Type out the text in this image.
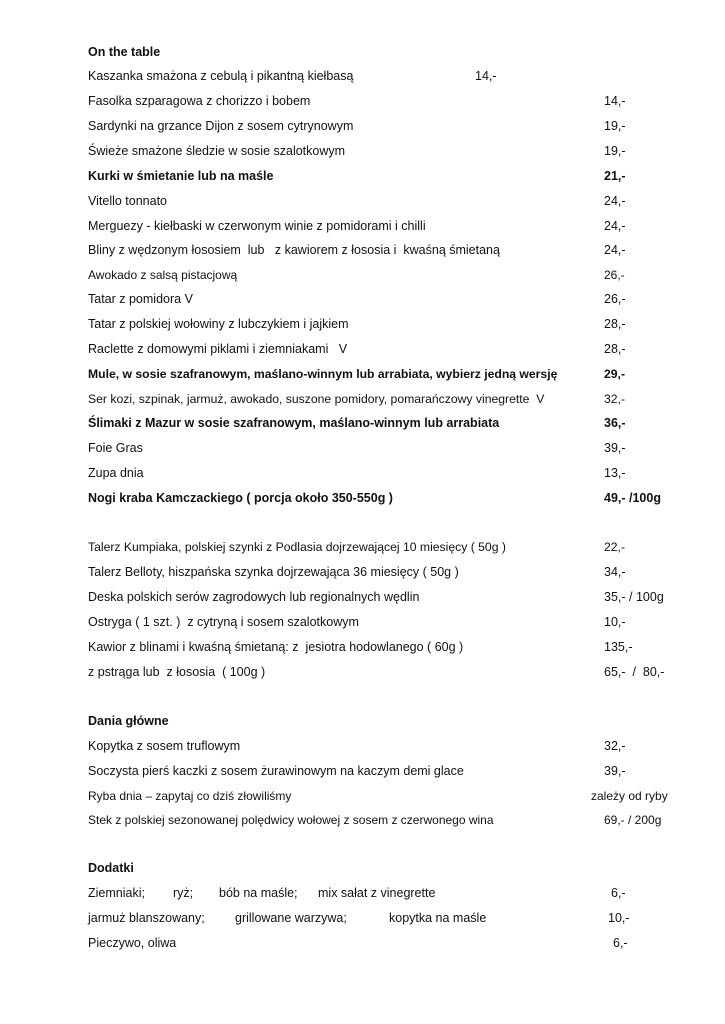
On the table
Kaszanka smażona z cebulą i pikantną kiełbasą	14,-
Fasolka szparagowa z chorizzo i bobem	14,-
Sardynki na grzance Dijon z sosem cytrynowym	19,-
Świeże smażone śledzie w sosie szalotkowym	19,-
Kurki w śmietanie lub na maśle	21,-
Vitello tonnato	24,-
Merguezy - kiełbaski w czerwonym winie z pomidorami i chilli	24,-
Bliny z wędzonym łososiem  lub   z kawiorem z łososia i  kwaśną śmietaną	24,-
Awokado z salsą pistacjową	26,-
Tatar z pomidora V	26,-
Tatar z polskiej wołowiny z lubczykiem i jajkiem	28,-
Raclette z domowymi piklami i ziemniakami   V	28,-
Mule, w sosie szafranowym, maślano-winnym lub arrabiata, wybierz jedną wersję	29,-
Ser kozi, szpinak, jarmuż, awokado, suszone pomidory, pomarańczowy vinegrette  V	32,-
Ślimaki z Mazur w sosie szafranowym, maślano-winnym lub arrabiata	36,-
Foie Gras	39,-
Zupa dnia	13,-
Nogi kraba Kamczackiego ( porcja około 350-550g )	49,- /100g
Talerz Kumpiaka, polskiej szynki z Podlasia dojrzewającej 10 miesięcy ( 50g )	22,-
Talerz Belloty, hiszpańska szynka dojrzewająca 36 miesięcy ( 50g )	34,-
Deska polskich serów zagrodowych lub regionalnych wędlin	35,- / 100g
Ostryga ( 1 szt. )  z cytryną i sosem szalotkowym	10,-
Kawior z blinami i kwaśną śmietaną: z  jesiotra hodowlanego ( 60g )	135,-
z pstrąga lub  z łososia  ( 100g )	65,-  /  80,-
Dania główne
Kopytka z sosem truflowym	32,-
Soczysta pierś kaczki z sosem żurawinowym na kaczym demi glace	39,-
Ryba dnia – zapytaj co dziś złowiliśmy	zależy od ryby
Stek z polskiej sezonowanej polędwicy wołowej z sosem z czerwonego wina	69,- / 200g
Dodatki
Ziemniaki; ryż; bób na maśle; mix sałat z vinegrette	6,-
jarmuż blanszowany; grillowane warzywa;	kopytka na maśle	10,-
Pieczywo, oliwa	6,-
